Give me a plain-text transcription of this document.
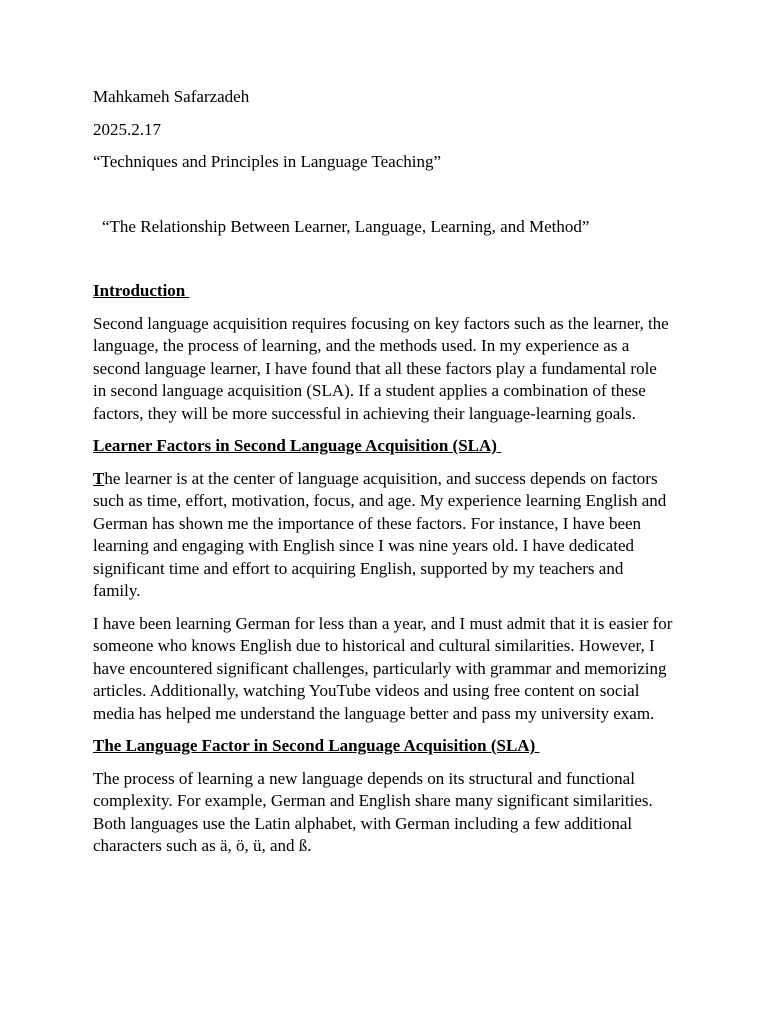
Mahkameh Safarzadeh

2025.2.17

“Techniques and Principles in Language Teaching”

“The Relationship Between Learner, Language, Learning, and Method”

Introduction

Second language acquisition requires focusing on key factors such as the learner, the language, the process of learning, and the methods used. In my experience as a second language learner, I have found that all these factors play a fundamental role in second language acquisition (SLA). If a student applies a combination of these factors, they will be more successful in achieving their language-learning goals.

Learner Factors in Second Language Acquisition (SLA)

The learner is at the center of language acquisition, and success depends on factors such as time, effort, motivation, focus, and age. My experience learning English and German has shown me the importance of these factors. For instance, I have been learning and engaging with English since I was nine years old. I have dedicated significant time and effort to acquiring English, supported by my teachers and family.

I have been learning German for less than a year, and I must admit that it is easier for someone who knows English due to historical and cultural similarities. However, I have encountered significant challenges, particularly with grammar and memorizing articles. Additionally, watching YouTube videos and using free content on social media has helped me understand the language better and pass my university exam.

The Language Factor in Second Language Acquisition (SLA)

The process of learning a new language depends on its structural and functional complexity. For example, German and English share many significant similarities. Both languages use the Latin alphabet, with German including a few additional characters such as ä, ö, ü, and ß.
